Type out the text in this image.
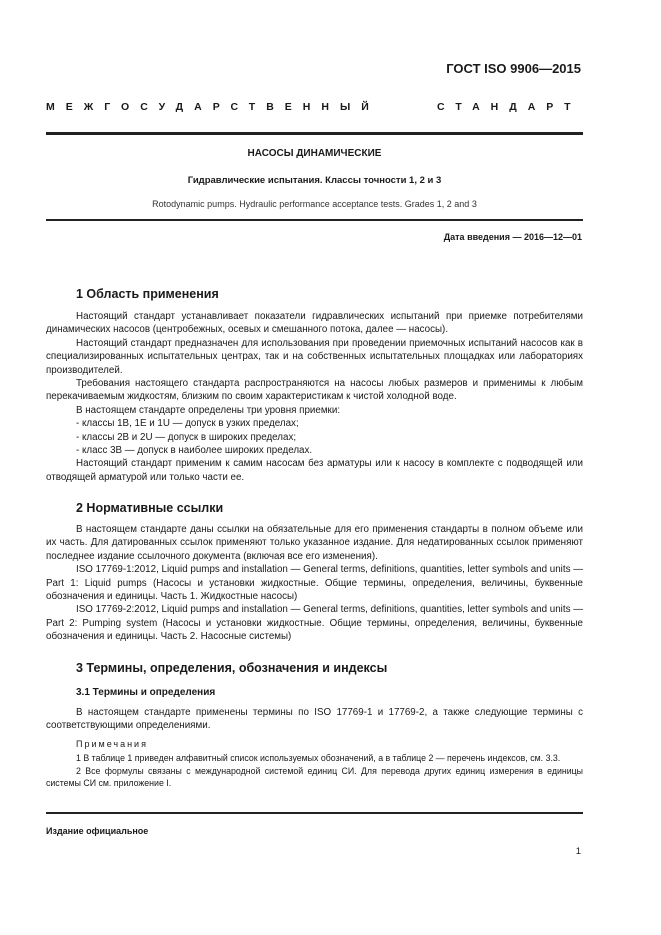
ГОСТ ISO 9906—2015
МЕЖГОСУДАРСТВЕННЫЙ	СТАНДАРТ
НАСОСЫ ДИНАМИЧЕСКИЕ
Гидравлические испытания. Классы точности 1, 2 и 3
Rotodynamic pumps. Hydraulic performance acceptance tests. Grades 1, 2 and 3
Дата введения — 2016—12—01
1 Область применения

Настоящий стандарт устанавливает показатели гидравлических испытаний при приемке потребителями динамических насосов (центробежных, осевых и смешанного потока, далее — насосы).

Настоящий стандарт предназначен для использования при проведении приемочных испытаний насосов как в специализированных испытательных центрах, так и на собственных испытательных площадках или лабораториях производителей.

Требования настоящего стандарта распространяются на насосы любых размеров и применимы к любым перекачиваемым жидкостям, близким по своим характеристикам к чистой холодной воде.

В настоящем стандарте определены три уровня приемки:

- классы 1В, 1Е и 1U — допуск в узких пределах;

- классы 2В и 2U — допуск в широких пределах;

- класс 3В — допуск в наиболее широких пределах.

Настоящий стандарт применим к самим насосам без арматуры или к насосу в комплекте с подводящей или отводящей арматурой или только части ее.

2 Нормативные ссылки

В настоящем стандарте даны ссылки на обязательные для его применения стандарты в полном объеме или их часть. Для датированных ссылок применяют только указанное издание. Для недатированных ссылок применяют последнее издание ссылочного документа (включая все его изменения).

ISO 17769-1:2012, Liquid pumps and installation — General terms, definitions, quantities, letter symbols and units — Part 1: Liquid pumps (Насосы и установки жидкостные. Общие термины, определения, величины, буквенные обозначения и единицы. Часть 1. Жидкостные насосы)

ISO 17769-2:2012, Liquid pumps and installation — General terms, definitions, quantities, letter symbols and units — Part 2: Pumping system (Насосы и установки жидкостные. Общие термины, определения, величины, буквенные обозначения и единицы. Часть 2. Насосные системы)

3 Термины, определения, обозначения и индексы
3.1 Термины и определения

В настоящем стандарте применены термины по ISO 17769-1 и 17769-2, а также следующие термины с соответствующими определениями.

Примечания

1 В таблице 1 приведен алфавитный список используемых обозначений, а в таблице 2 — перечень индексов, см. 3.3.

2 Все формулы связаны с международной системой единиц СИ. Для перевода других единиц измерения в единицы системы СИ см. приложение I.

Издание официальное
1
